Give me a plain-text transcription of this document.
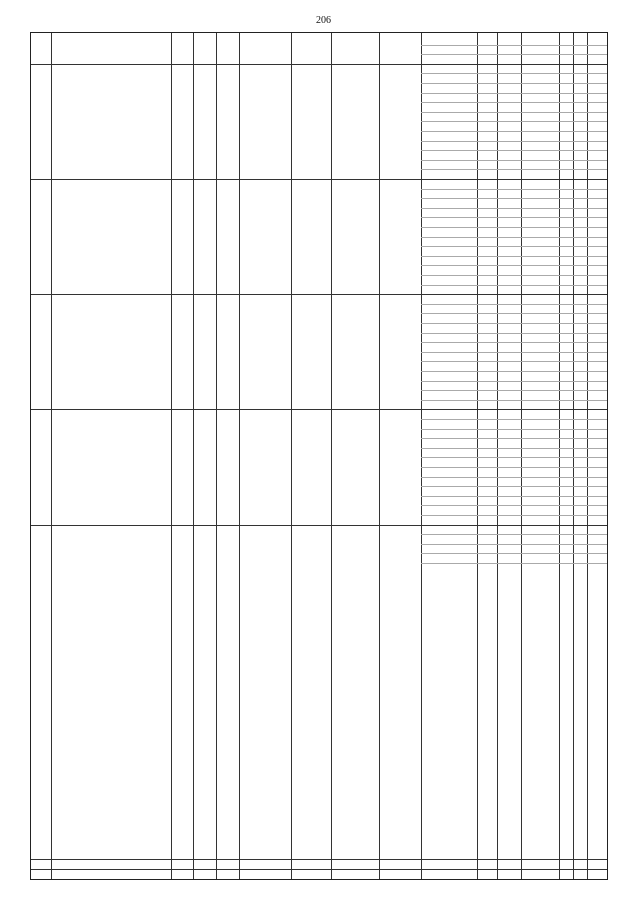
206
